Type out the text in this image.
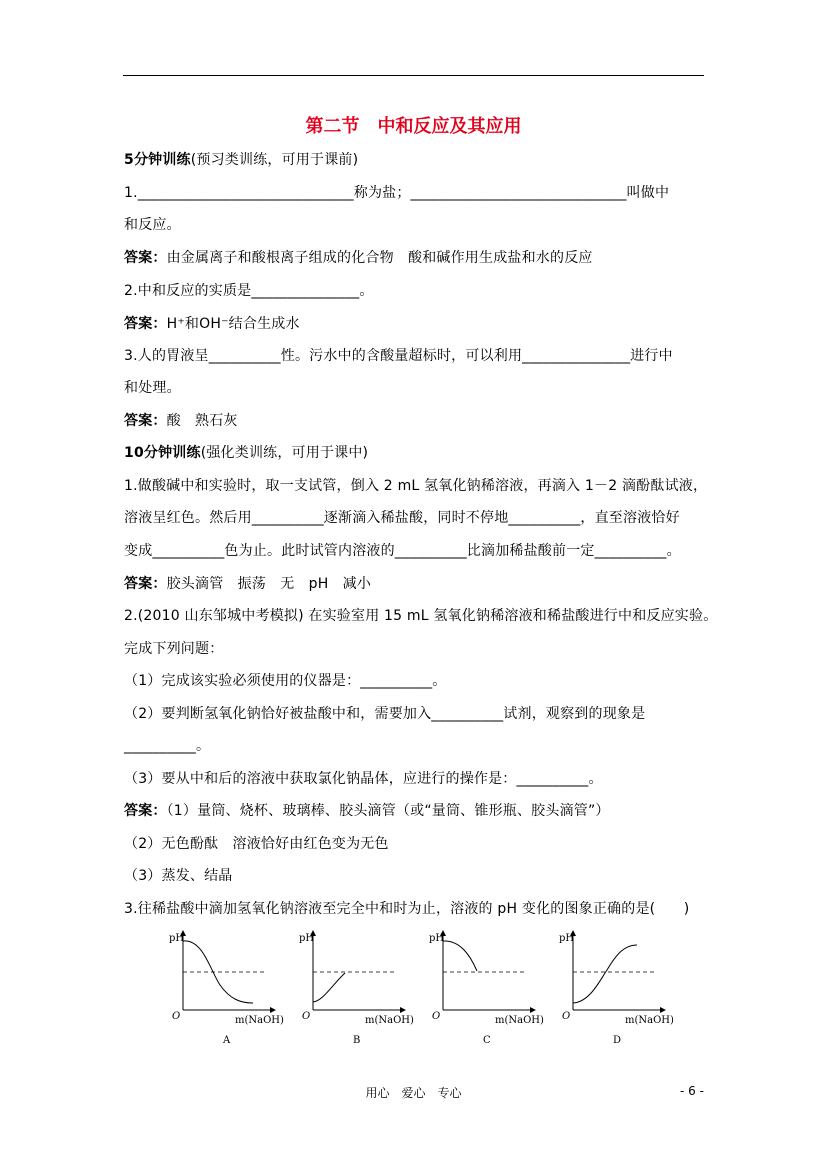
第二节　中和反应及其应用
5分钟训练(预习类训练，可用于课前)
1.______________________________称为盐；______________________________叫做中
和反应。
答案：由金属离子和酸根离子组成的化合物　酸和碱作用生成盐和水的反应
2.中和反应的实质是_______________。
答案：H⁺和OH⁻结合生成水
3.人的胃液呈__________性。污水中的含酸量超标时，可以利用_______________进行中
和处理。
答案：酸　熟石灰
10分钟训练(强化类训练，可用于课中)
1.做酸碱中和实验时，取一支试管，倒入 2 mL 氢氧化钠稀溶液，再滴入 1－2 滴酚酞试液，
溶液呈红色。然后用__________逐渐滴入稀盐酸，同时不停地__________，直至溶液恰好
变成__________色为止。此时试管内溶液的__________比滴加稀盐酸前一定__________。
答案：胶头滴管　振荡　无　pH　减小
2.(2010 山东邹城中考模拟) 在实验室用 15 mL 氢氧化钠稀溶液和稀盐酸进行中和反应实验。
完成下列问题：
（1）完成该实验必须使用的仪器是：__________。
（2）要判断氢氧化钠恰好被盐酸中和，需要加入__________试剂，观察到的现象是
__________。
（3）要从中和后的溶液中获取氯化钠晶体，应进行的操作是：__________。
答案：（1）量筒、烧杯、玻璃棒、胶头滴管（或“量筒、锥形瓶、胶头滴管”）
（2）无色酚酞　溶液恰好由红色变为无色
（3）蒸发、结晶
3.往稀盐酸中滴加氢氧化钠溶液至完全中和时为止，溶液的 pH 变化的图象正确的是(　　)
pH
O	m(NaOH)
A
pH
O	m(NaOH)
B
pH
O	m(NaOH)
C
pH
O	m(NaOH)
D
用心　爱心　专心	- 6 -
